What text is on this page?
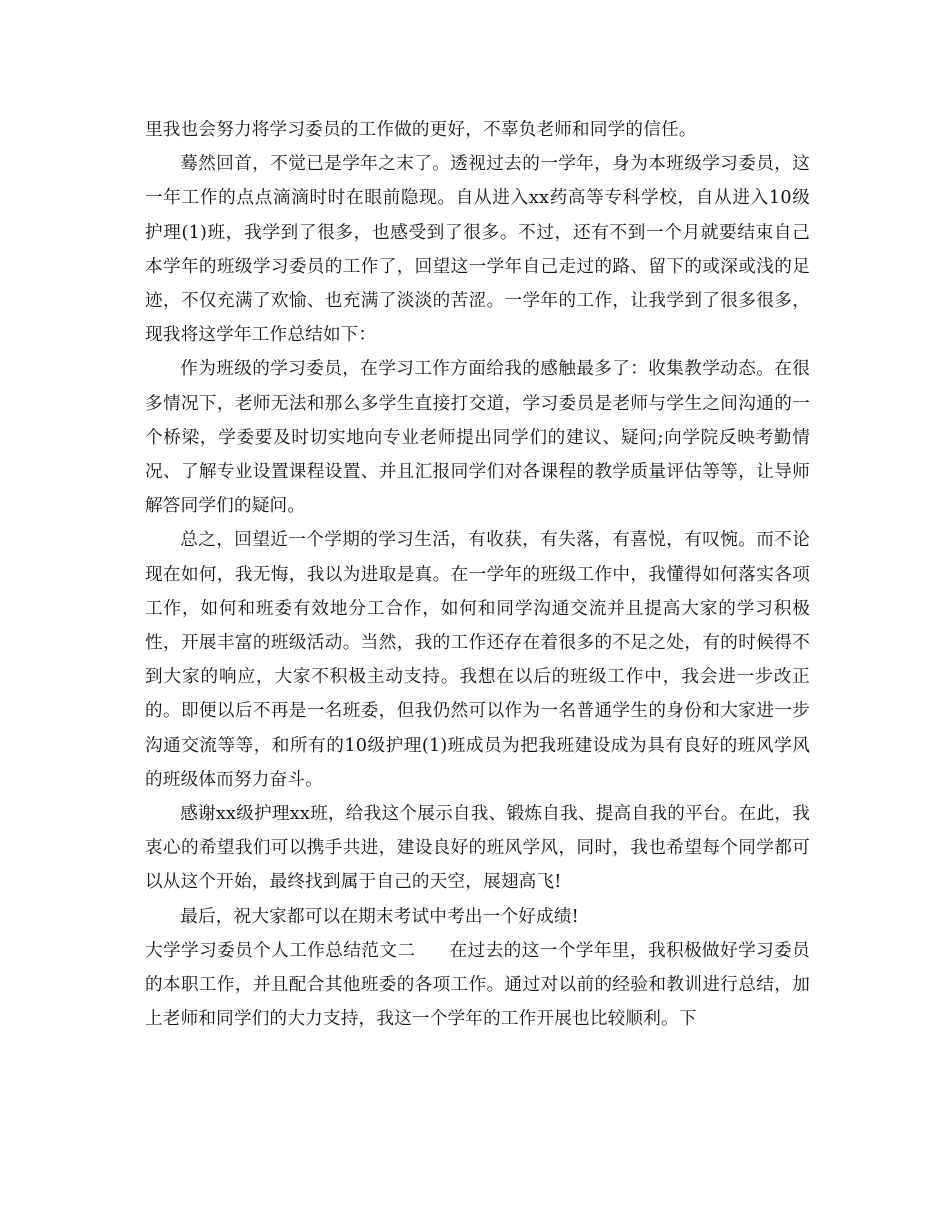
里我也会努力将学习委员的工作做的更好，不辜负老师和同学的信任。

蓦然回首，不觉已是学年之末了。透视过去的一学年，身为本班级学习委员，这一年工作的点点滴滴时时在眼前隐现。自从进入xx药高等专科学校，自从进入10级护理(1)班，我学到了很多，也感受到了很多。不过，还有不到一个月就要结束自己本学年的班级学习委员的工作了，回望这一学年自己走过的路、留下的或深或浅的足迹，不仅充满了欢愉、也充满了淡淡的苦涩。一学年的工作，让我学到了很多很多，现我将这学年工作总结如下：

作为班级的学习委员，在学习工作方面给我的感触最多了：收集教学动态。在很多情况下，老师无法和那么多学生直接打交道，学习委员是老师与学生之间沟通的一个桥梁，学委要及时切实地向专业老师提出同学们的建议、疑问;向学院反映考勤情况、了解专业设置课程设置、并且汇报同学们对各课程的教学质量评估等等，让导师解答同学们的疑问。

总之，回望近一个学期的学习生活，有收获，有失落，有喜悦，有叹惋。而不论现在如何，我无悔，我以为进取是真。在一学年的班级工作中，我懂得如何落实各项工作，如何和班委有效地分工合作，如何和同学沟通交流并且提高大家的学习积极性，开展丰富的班级活动。当然，我的工作还存在着很多的不足之处，有的时候得不到大家的响应，大家不积极主动支持。我想在以后的班级工作中，我会进一步改正的。即便以后不再是一名班委，但我仍然可以作为一名普通学生的身份和大家进一步沟通交流等等，和所有的10级护理(1)班成员为把我班建设成为具有良好的班风学风的班级体而努力奋斗。

感谢xx级护理xx班，给我这个展示自我、锻炼自我、提高自我的平台。在此，我衷心的希望我们可以携手共进，建设良好的班风学风，同时，我也希望每个同学都可以从这个开始，最终找到属于自己的天空，展翅高飞!

最后，祝大家都可以在期末考试中考出一个好成绩!

大学学习委员个人工作总结范文二 在过去的这一个学年里，我积极做好学习委员的本职工作，并且配合其他班委的各项工作。通过对以前的经验和教训进行总结，加上老师和同学们的大力支持，我这一个学年的工作开展也比较顺利。下
